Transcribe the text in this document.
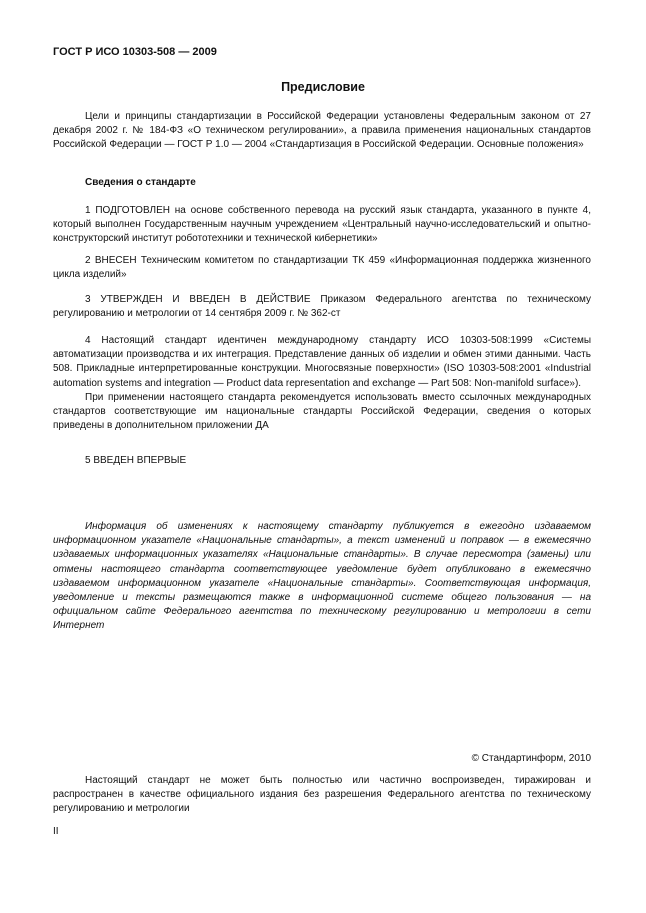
ГОСТ Р ИСО 10303-508 — 2009
Предисловие

Цели и принципы стандартизации в Российской Федерации установлены Федеральным законом от 27 декабря 2002 г. № 184-ФЗ «О техническом регулировании», а правила применения национальных стандартов Российской Федерации — ГОСТ Р 1.0 — 2004 «Стандартизация в Российской Федерации. Основные положения»

Сведения о стандарте

1 ПОДГОТОВЛЕН на основе собственного перевода на русский язык стандарта, указанного в пункте 4, который выполнен Государственным научным учреждением «Центральный научно-исследовательский и опытно-конструкторский институт робототехники и технической кибернетики»

2 ВНЕСЕН Техническим комитетом по стандартизации ТК 459 «Информационная поддержка жизненного цикла изделий»

3 УТВЕРЖДЕН И ВВЕДЕН В ДЕЙСТВИЕ Приказом Федерального агентства по техническому регулированию и метрологии от 14 сентября 2009 г. № 362-ст

4 Настоящий стандарт идентичен международному стандарту ИСО 10303-508:1999 «Системы автоматизации производства и их интеграция. Представление данных об изделии и обмен этими данными. Часть 508. Прикладные интерпретированные конструкции. Многосвязные поверхности» (ISO 10303-508:2001 «Industrial automation systems and integration — Product data representation and exchange — Part 508: Non-manifold surface»).

При применении настоящего стандарта рекомендуется использовать вместо ссылочных международных стандартов соответствующие им национальные стандарты Российской Федерации, сведения о которых приведены в дополнительном приложении ДА

5 ВВЕДЕН ВПЕРВЫЕ

Информация об изменениях к настоящему стандарту публикуется в ежегодно издаваемом информационном указателе «Национальные стандарты», а текст изменений и поправок — в ежемесячно издаваемых информационных указателях «Национальные стандарты». В случае пересмотра (замены) или отмены настоящего стандарта соответствующее уведомление будет опубликовано в ежемесячно издаваемом информационном указателе «Национальные стандарты». Соответствующая информация, уведомление и тексты размещаются также в информационной системе общего пользования — на официальном сайте Федерального агентства по техническому регулированию и метрологии в сети Интернет

© Стандартинформ, 2010

Настоящий стандарт не может быть полностью или частично воспроизведен, тиражирован и распространен в качестве официального издания без разрешения Федерального агентства по техническому регулированию и метрологии

II
